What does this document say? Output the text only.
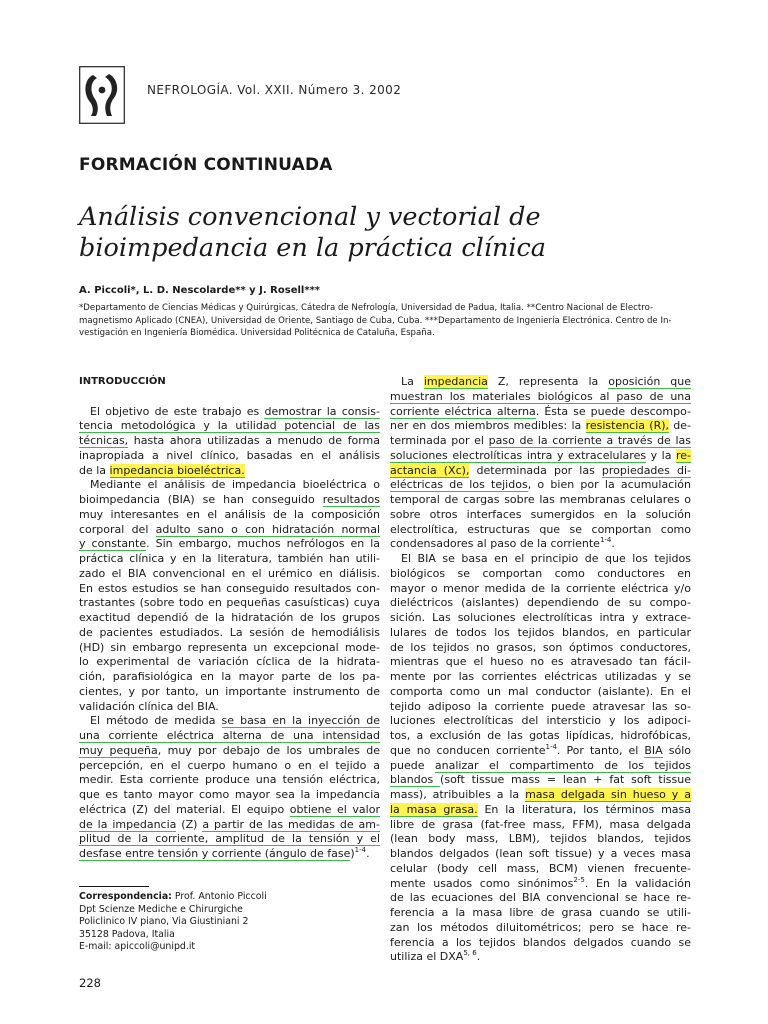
NEFROLOGÍA. Vol. XXII. Número 3. 2002
FORMACIÓN CONTINUADA
Análisis convencional y vectorial de
bioimpedancia en la práctica clínica
A. Piccoli*, L. D. Nescolarde** y J. Rosell***
*Departamento de Ciencias Médicas y Quirúrgicas, Cátedra de Nefrología, Universidad de Padua, Italia. **Centro Nacional de Electro-
magnetismo Aplicado (CNEA), Universidad de Oriente, Santiago de Cuba, Cuba. ***Departamento de Ingeniería Electrónica. Centro de In-
vestigación en Ingeniería Biomédica. Universidad Politécnica de Cataluña, España.
INTRODUCCIÓN
El objetivo de este trabajo es demostrar la consis-
tencia metodológica y la utilidad potencial de las
técnicas, hasta ahora utilizadas a menudo de forma
inapropiada a nivel clínico, basadas en el análisis
de la impedancia bioeléctrica.
Mediante el análisis de impedancia bioeléctrica o
bioimpedancia (BIA) se han conseguido resultados
muy interesantes en el análisis de la composición
corporal del adulto sano o con hidratación normal
y constante. Sin embargo, muchos nefrólogos en la
práctica clínica y en la literatura, también han utili-
zado el BIA convencional en el urémico en diálisis.
En estos estudios se han conseguido resultados con-
trastantes (sobre todo en pequeñas casuísticas) cuya
exactitud dependió de la hidratación de los grupos
de pacientes estudiados. La sesión de hemodiálisis
(HD) sin embargo representa un excepcional mode-
lo experimental de variación cíclica de la hidrata-
ción, parafisiológica en la mayor parte de los pa-
cientes, y por tanto, un importante instrumento de
validación clínica del BIA.
El método de medida se basa en la inyección de
una corriente eléctrica alterna de una intensidad
muy pequeña, muy por debajo de los umbrales de
percepción, en el cuerpo humano o en el tejido a
medir. Esta corriente produce una tensión eléctrica,
que es tanto mayor como mayor sea la impedancia
eléctrica (Z) del material. El equipo obtiene el valor
de la impedancia (Z) a partir de las medidas de am-
plitud de la corriente, amplitud de la tensión y el
desfase entre tensión y corriente (ángulo de fase)$^{1-4}$.
La impedancia Z, representa la oposición que
muestran los materiales biológicos al paso de una
corriente eléctrica alterna. Ésta se puede descompo-
ner en dos miembros medibles: la resistencia (R), de-
terminada por el paso de la corriente a través de las
soluciones electrolíticas intra y extracelulares y la re-
actancia (Xc), determinada por las propiedades di-
eléctricas de los tejidos, o bien por la acumulación
temporal de cargas sobre las membranas celulares o
sobre otros interfaces sumergidos en la solución
electrolítica, estructuras que se comportan como
condensadores al paso de la corriente$^{1-4}$.
El BIA se basa en el principio de que los tejidos
biológicos se comportan como conductores en
mayor o menor medida de la corriente eléctrica y/o
dieléctricos (aislantes) dependiendo de su compo-
sición. Las soluciones electrolíticas intra y extrace-
lulares de todos los tejidos blandos, en particular
de los tejidos no grasos, son óptimos conductores,
mientras que el hueso no es atravesado tan fácil-
mente por las corrientes eléctricas utilizadas y se
comporta como un mal conductor (aislante). En el
tejido adiposo la corriente puede atravesar las so-
luciones electrolíticas del intersticio y los adipoci-
tos, a exclusión de las gotas lipídicas, hidrofóbicas,
que no conducen corriente$^{1-4}$. Por tanto, el BIA sólo
puede analizar el compartimento de los tejidos
blandos (soft tissue mass = lean + fat soft tissue
mass), atribuibles a la masa delgada sin hueso y a
la masa grasa. En la literatura, los términos masa
libre de grasa (fat-free mass, FFM), masa delgada
(lean body mass, LBM), tejidos blandos, tejidos
blandos delgados (lean soft tissue) y a veces masa
celular (body cell mass, BCM) vienen frecuente-
mente usados como sinónimos$^{2-5}$. En la validación
de las ecuaciones del BIA convencional se hace re-
ferencia a la masa libre de grasa cuando se utili-
zan los métodos diluitométricos; pero se hace re-
ferencia a los tejidos blandos delgados cuando se
utiliza el DXA$^{5, 6}$.
Correspondencia: Prof. Antonio Piccoli
Dpt Scienze Mediche e Chirurgiche
Policlinico IV piano, Via Giustiniani 2
35128 Padova, Italia
E-mail: apiccoli@unipd.it
228
